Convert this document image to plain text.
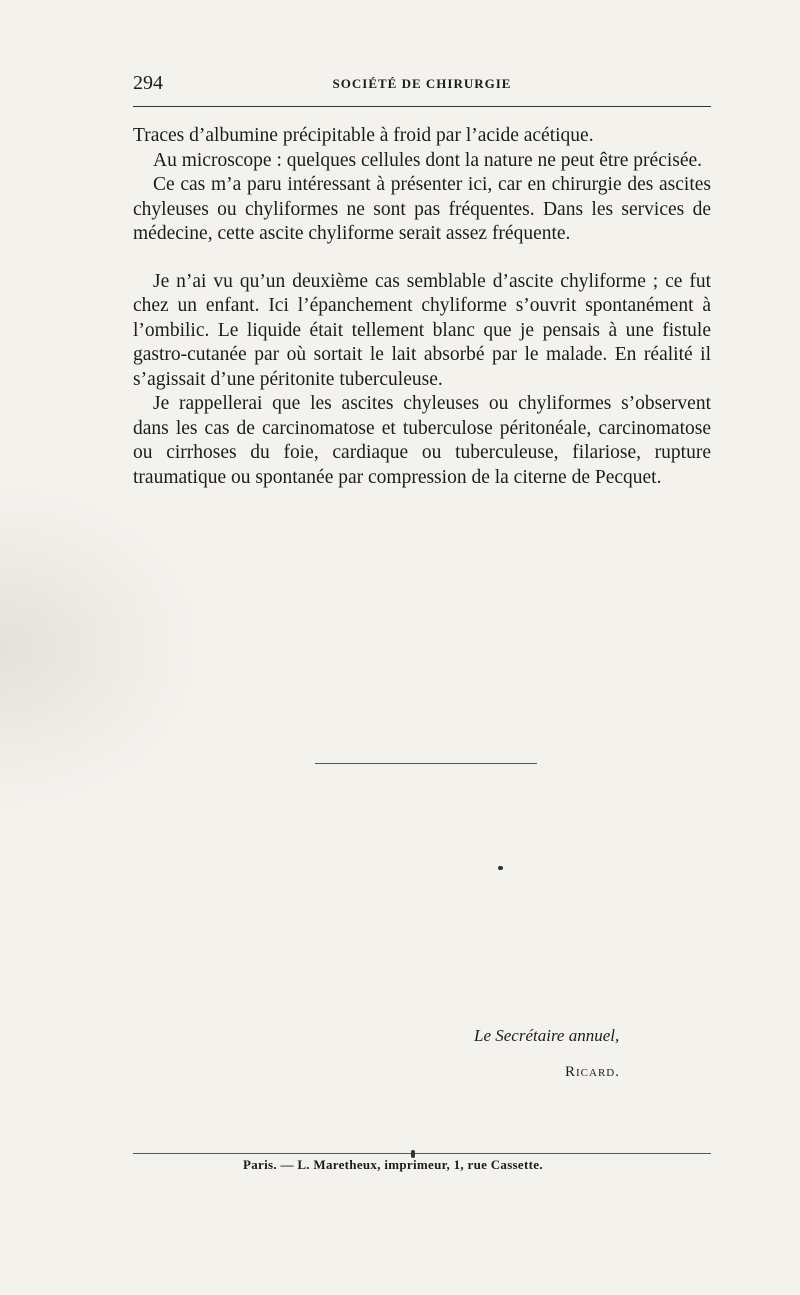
294	SOCIÉTÉ DE CHIRURGIE

Traces d’albumine précipitable à froid par l’acide acétique.

Au microscope : quelques cellules dont la nature ne peut être précisée.

Ce cas m’a paru intéressant à présenter ici, car en chirurgie des ascites chyleuses ou chyliformes ne sont pas fréquentes. Dans les services de médecine, cette ascite chyliforme serait assez fréquente.

Je n’ai vu qu’un deuxième cas semblable d’ascite chyliforme ; ce fut chez un enfant. Ici l’épanchement chyliforme s’ouvrit spontanément à l’ombilic. Le liquide était tellement blanc que je pensais à une fistule gastro-cutanée par où sortait le lait absorbé par le malade. En réalité il s’agissait d’une péritonite tuberculeuse.

Je rappellerai que les ascites chyleuses ou chyliformes s’observent dans les cas de carcinomatose et tuberculose péritonéale, carcinomatose ou cirrhoses du foie, cardiaque ou tuberculeuse, filariose, rupture traumatique ou spontanée par compression de la citerne de Pecquet.

Le Secrétaire annuel,
Ricard.
Paris. — L. Maretheux, imprimeur, 1, rue Cassette.
